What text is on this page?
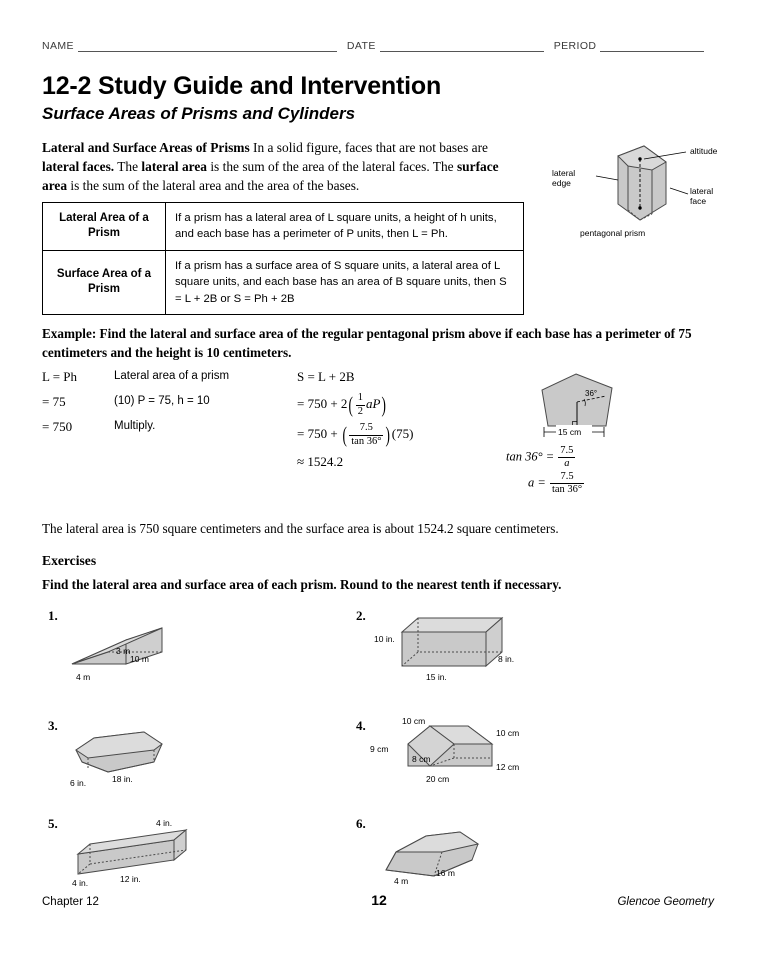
NAME	DATE	PERIOD
12-2 Study Guide and Intervention
Surface Areas of Prisms and Cylinders
Lateral and Surface Areas of Prisms In a solid figure, faces that are not bases are lateral faces. The lateral area is the sum of the area of the lateral faces. The surface area is the sum of the lateral area and the area of the bases.
altitude
lateral
face
lateral
edge
pentagonal prism
Lateral Area of a Prism	If a prism has a lateral area of L square units, a height of h units, and each base has a perimeter of P units, then L = Ph.
Surface Area of a Prism	If a prism has a surface area of S square units, a lateral area of L square units, and each base has an area of B square units, then S = L + 2B or S = Ph + 2B
Example: Find the lateral and surface area of the regular pentagonal prism above if each base has a perimeter of 75 centimeters and the height is 10 centimeters.
L = Ph
= 75
= 750
Lateral area of a prism
(10) P = 75, h = 10
Multiply.
S = L + 2B
= $750 + 2( \frac{1}{2} aP)$
= 750 + ( $\frac{7.5}{\tan 36^\circ} )(75)$
≈ 1524.2
36°
15 cm
$\tan 36^\circ = \frac{7.5}{a}$
$a = \frac{7.5}{\tan 36^\circ}$
The lateral area is 750 square centimeters and the surface area is about 1524.2 square centimeters.
Exercises
Find the lateral area and surface area of each prism. Round to the nearest tenth if necessary.
1.
3 m
10 m
4 m
2.
10 in.
8 in.
15 in.
3.
18 in.
6 in.
4.	10 cm
10 cm
9 cm
8 cm
12 cm
20 cm
5.	4 in.
12 in.
4 in.
6.
16 m
4 m
Chapter 12	12	Glencoe Geometry
